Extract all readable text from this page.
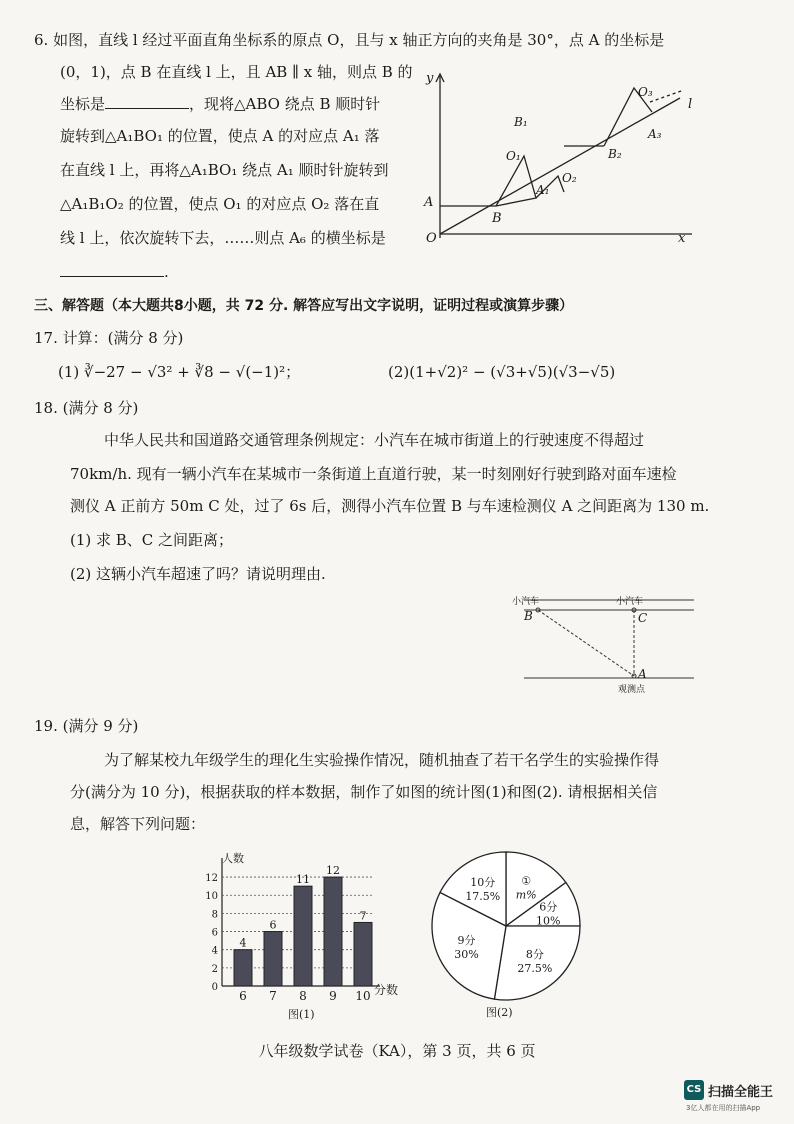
6. 如图，直线 l 经过平面直角坐标系的原点 O，且与 x 轴正方向的夹角是 30°，点 A 的坐标是
(0，1)，点 B 在直线 l 上，且 AB ∥ x 轴，则点 B 的
坐标是	，现将△ABO 绕点 B 顺时针
旋转到△A₁BO₁ 的位置，使点 A 的对应点 A₁ 落
在直线 l 上，再将△A₁BO₁ 绕点 A₁ 顺时针旋转到
△A₁B₁O₂ 的位置，使点 O₁ 的对应点 O₂ 落在直
线 l 上，依次旋转下去，……则点 A₆ 的横坐标是
.
y
x
O
A
B
B₁
O₁
A₁
O₂
B₂
A₃
O₃
l
三、解答题（本大题共8小题，共 72 分. 解答应写出文字说明，证明过程或演算步骤）
17. 计算：(满分 8 分)
(1) ∛−27 − √3² + ∛8 − √(−1)²；	(2)(1+√2)² − (√3+√5)(√3−√5)
18. (满分 8 分)
中华人民共和国道路交通管理条例规定：小汽车在城市街道上的行驶速度不得超过
70km/h. 现有一辆小汽车在某城市一条街道上直道行驶，某一时刻刚好行驶到路对面车速检
测仪 A 正前方 50m C 处，过了 6s 后，测得小汽车位置 B 与车速检测仪 A 之间距离为 130 m.
(1) 求 B、C 之间距离；
(2) 这辆小汽车超速了吗？请说明理由.
小汽车	小汽车
B	C
A
观测点
19. (满分 9 分)
为了解某校九年级学生的理化生实验操作情况，随机抽查了若干名学生的实验操作得
分(满分为 10 分)，根据获取的样本数据，制作了如图的统计图(1)和图(2). 请根据相关信
息，解答下列问题：
0
2
4
6
8
10
12
4
6
6
7
11
8
12
9
7
10
人数
分数
图(1)
①
m%
6分
10%
8分
27.5%
9分
30%
10分
17.5%
图(2)
八年级数学试卷（KA），第 3 页，共 6 页
CS 扫描全能王
3亿人都在用的扫描App
